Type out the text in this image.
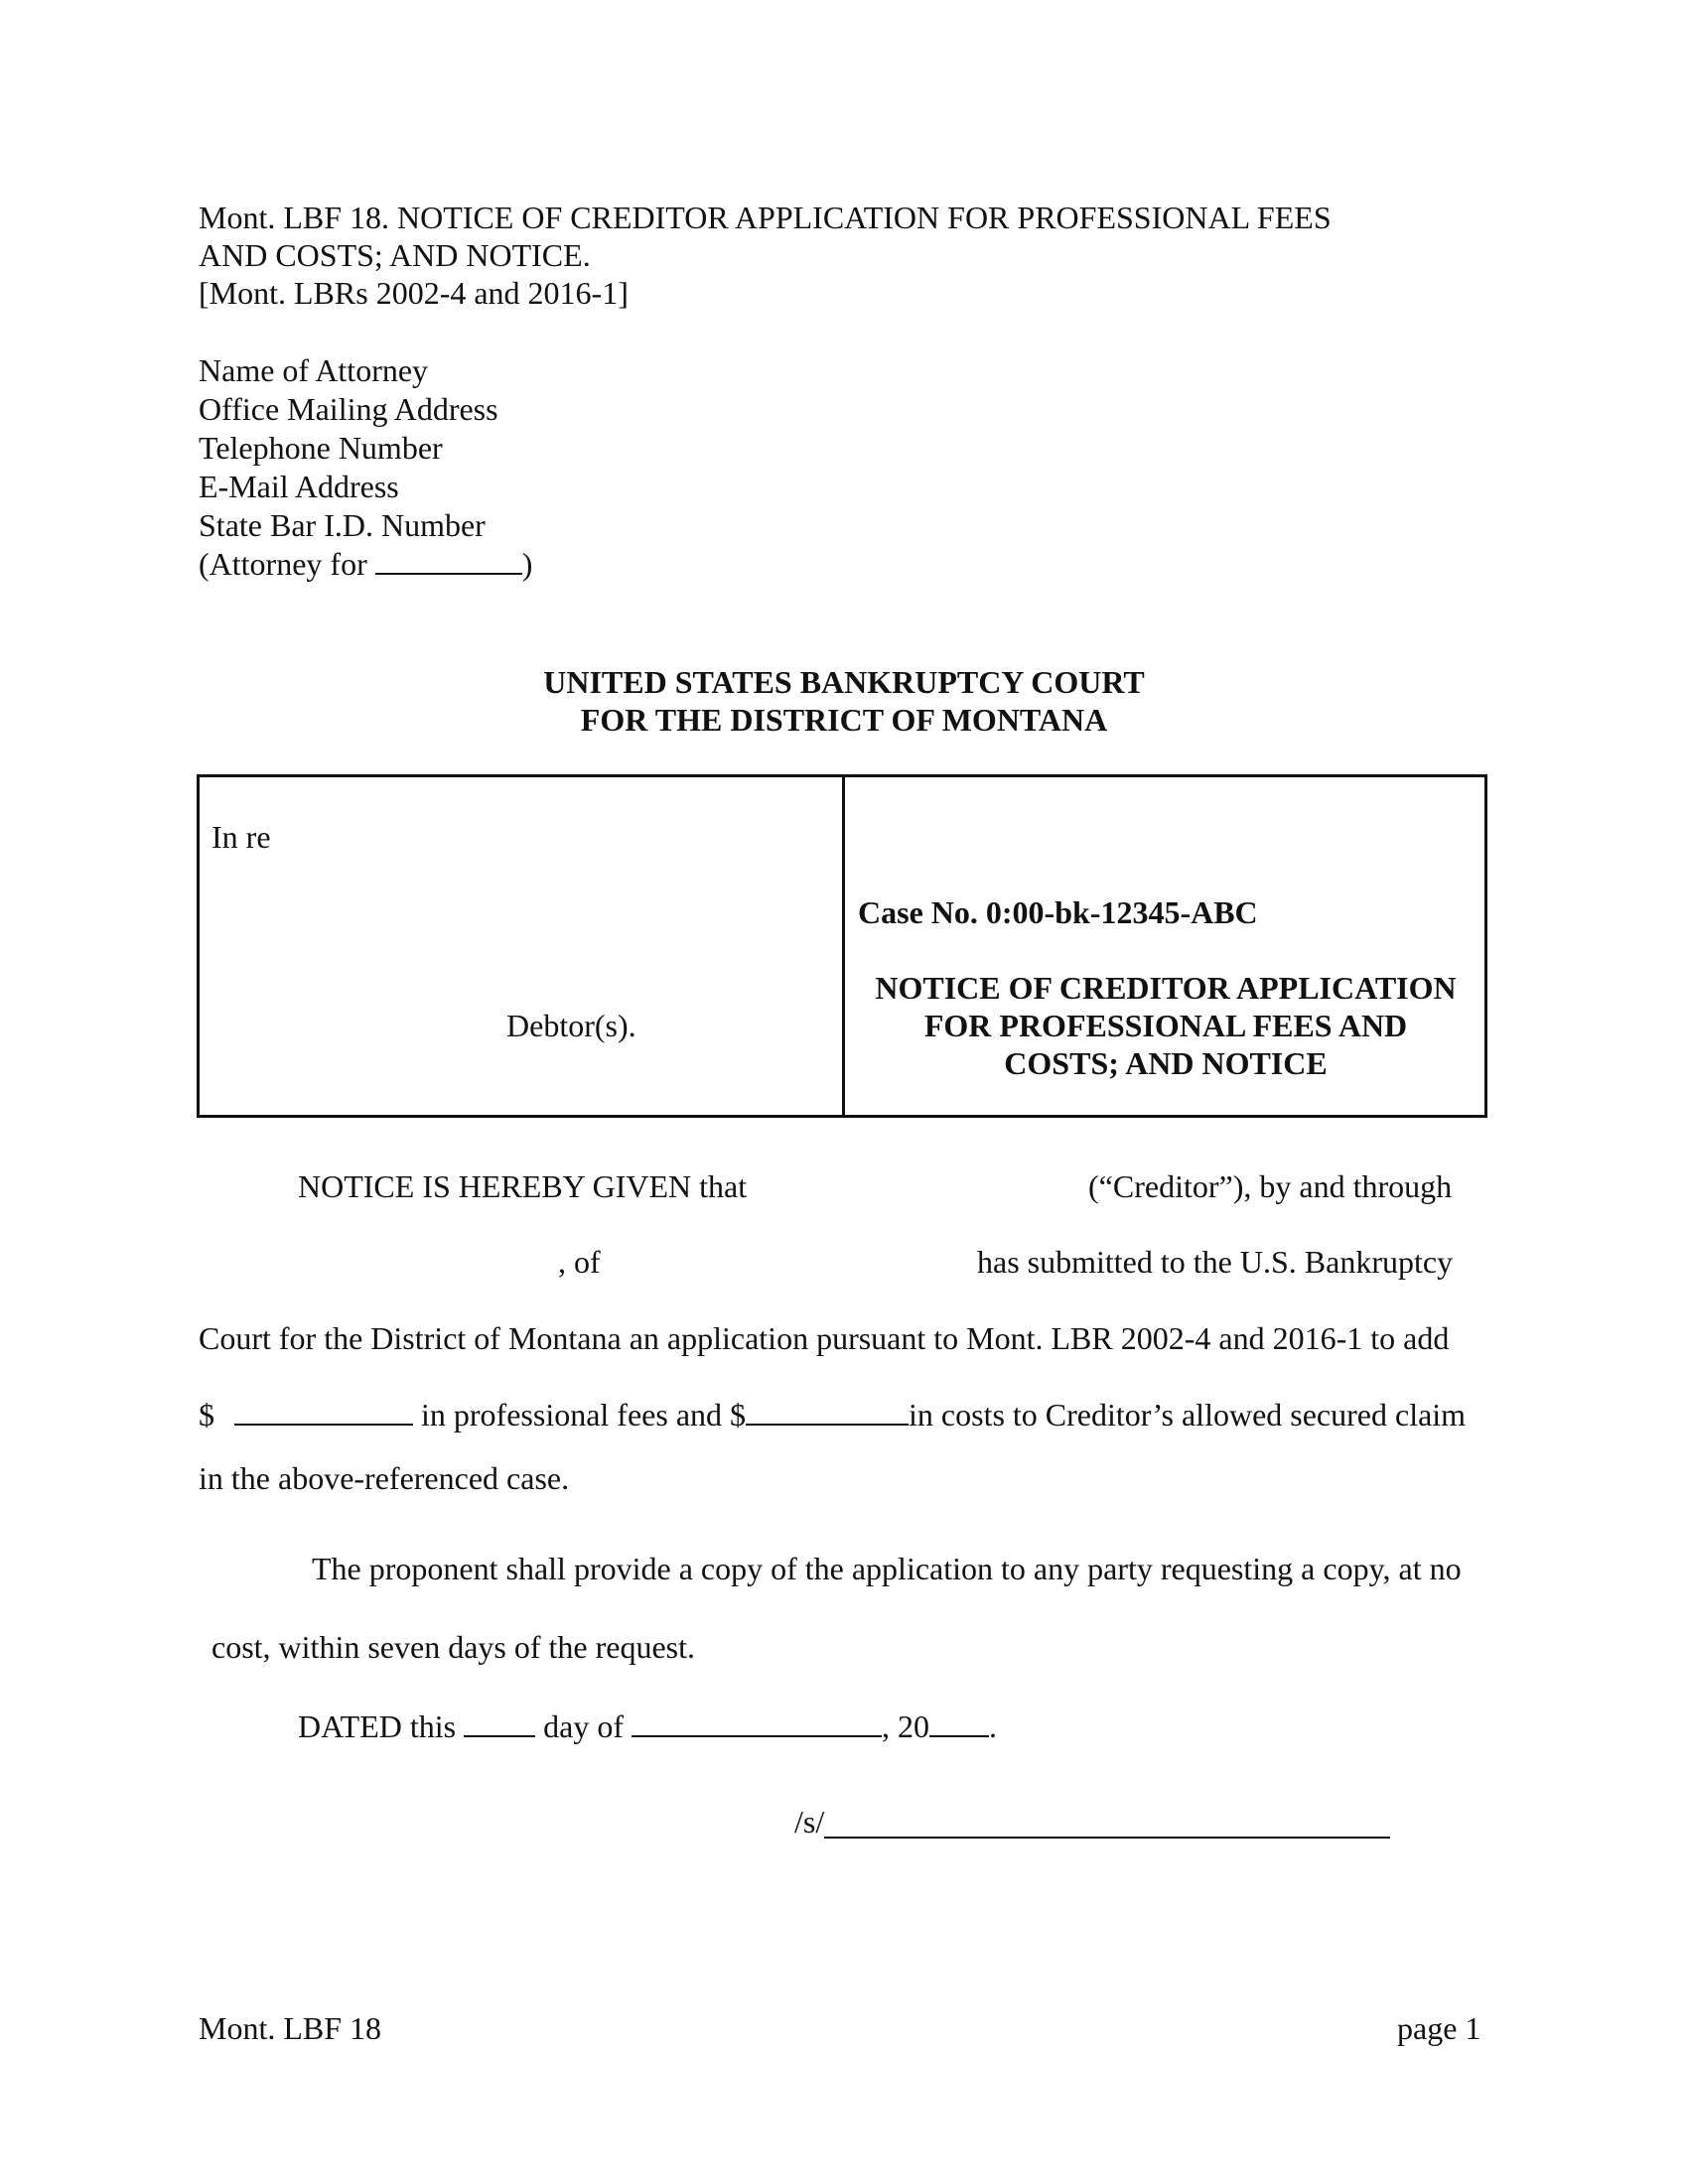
Mont. LBF 18. NOTICE OF CREDITOR APPLICATION FOR PROFESSIONAL FEES
AND COSTS; AND NOTICE.
[Mont. LBRs 2002-4 and 2016-1]
Name of Attorney
Office Mailing Address
Telephone Number
E-Mail Address
State Bar I.D. Number
(Attorney for	)
UNITED STATES BANKRUPTCY COURT
FOR THE DISTRICT OF MONTANA
In re
Debtor(s).
Case No. 0:00-bk-12345-ABC
NOTICE OF CREDITOR APPLICATION
FOR PROFESSIONAL FEES AND
COSTS; AND NOTICE
NOTICE IS HEREBY GIVEN that	(“Creditor”), by and through
, of	has submitted to the U.S. Bankruptcy
Court for the District of Montana an application pursuant to Mont. LBR 2002-4 and 2016-1 to add
$	in professional fees and $	in costs to Creditor’s allowed secured claim
in the above-referenced case.
The proponent shall provide a copy of the application to any party requesting a copy, at no
cost, within seven days of the request.
DATED this	day of	, 20 .
/s/
Mont. LBF 18	page 1
